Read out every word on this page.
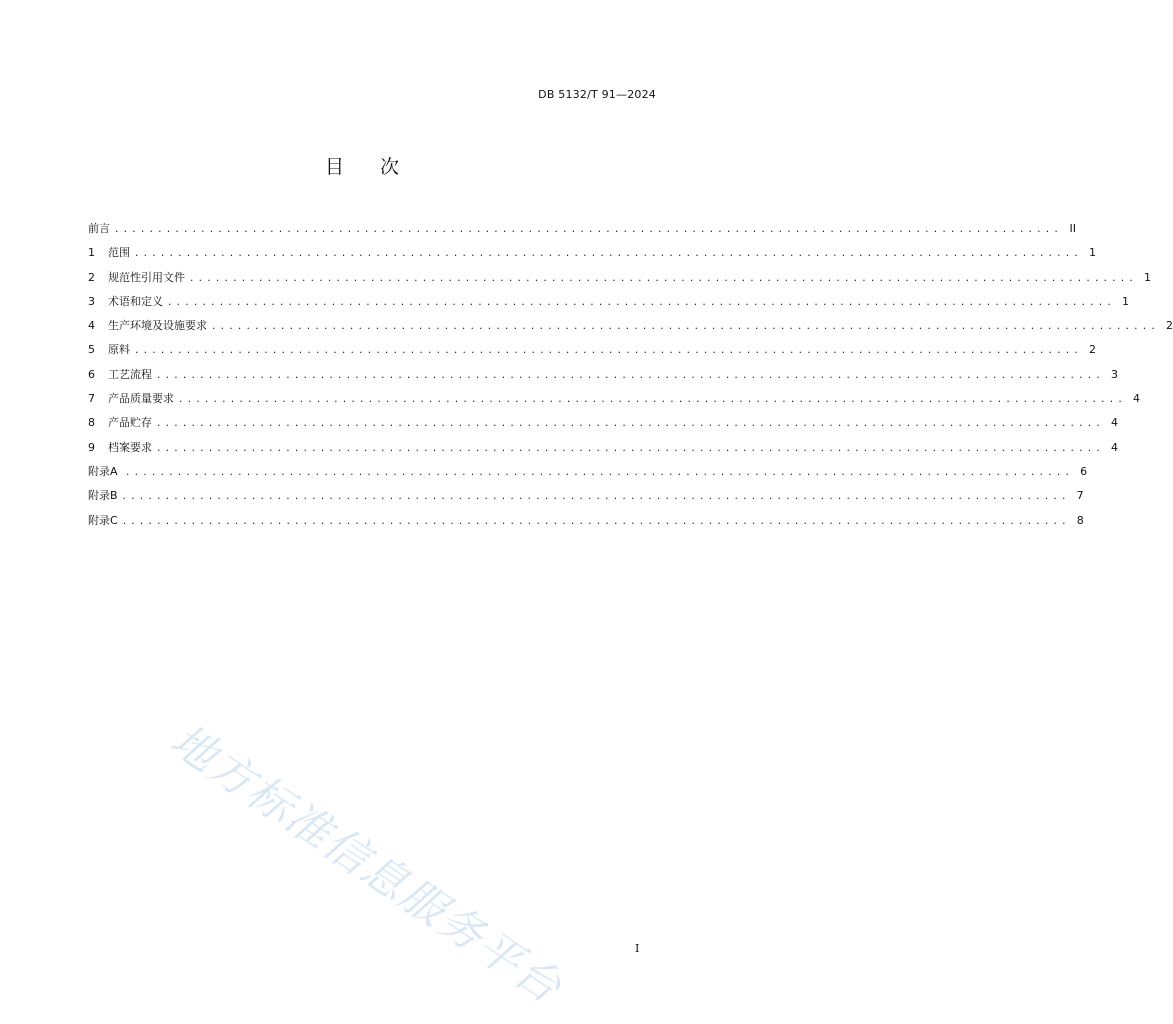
DB 5132/T 91—2024
目次
前言 .............................................................................................................. II
1	范围 .............................................................................................................. 1
2	规范性引用文件 .............................................................................................................. 1
3	术语和定义 .............................................................................................................. 1
4	生产环境及设施要求 .............................................................................................................. 2
5	原料 .............................................................................................................. 2
6	工艺流程 .............................................................................................................. 3
7	产品质量要求 .............................................................................................................. 4
8	产品贮存 .............................................................................................................. 4
9	档案要求 .............................................................................................................. 4
附录A .............................................................................................................. 6
附录B .............................................................................................................. 7
附录C .............................................................................................................. 8
地方标准信息服务平台	I
